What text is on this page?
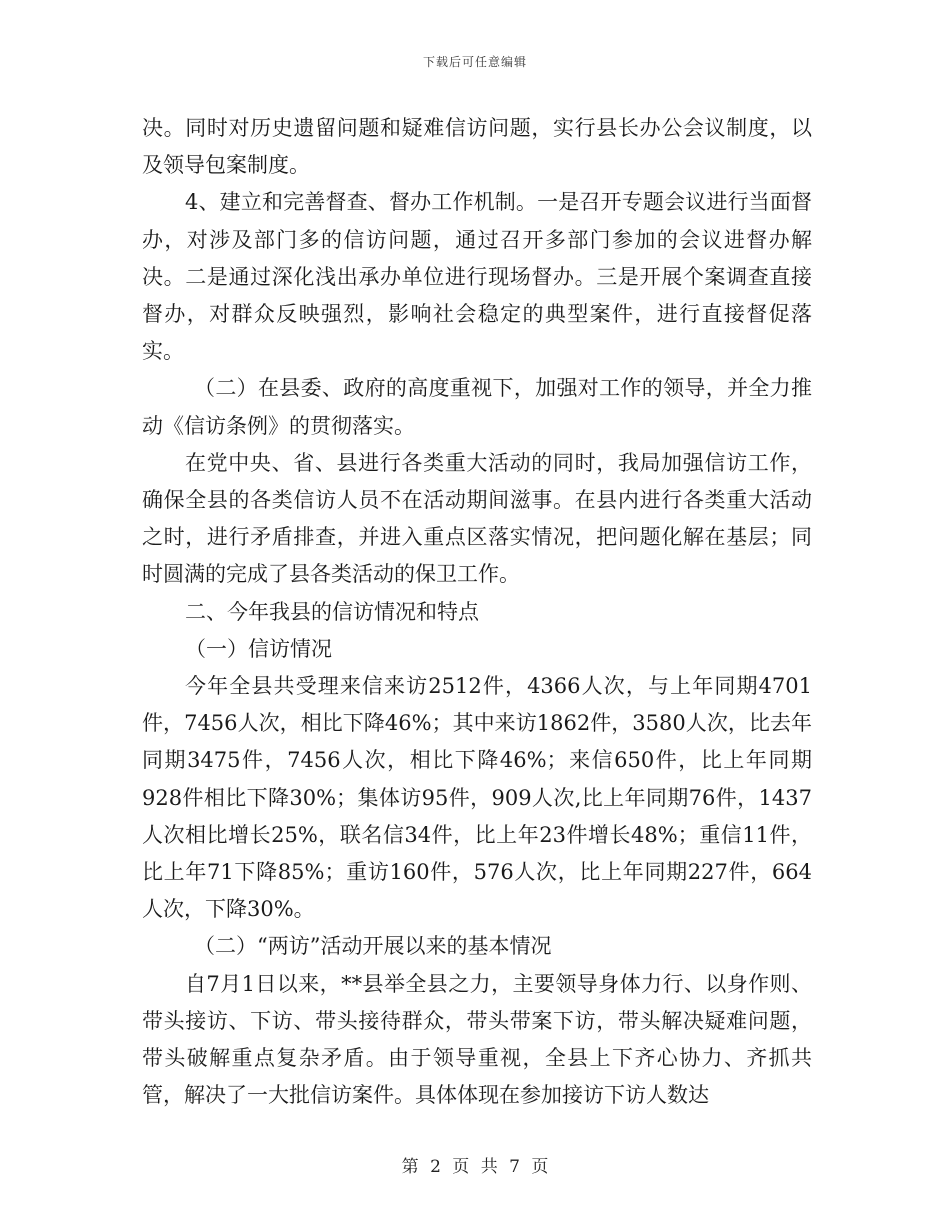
下载后可任意编辑

决。同时对历史遗留问题和疑难信访问题，实行县长办公会议制度，以及领导包案制度。

4、建立和完善督查、督办工作机制。一是召开专题会议进行当面督办，对涉及部门多的信访问题，通过召开多部门参加的会议进督办解决。二是通过深化浅出承办单位进行现场督办。三是开展个案调查直接督办，对群众反映强烈，影响社会稳定的典型案件，进行直接督促落实。

（二）在县委、政府的高度重视下，加强对工作的领导，并全力推动《信访条例》的贯彻落实。

在党中央、省、县进行各类重大活动的同时，我局加强信访工作，确保全县的各类信访人员不在活动期间滋事。在县内进行各类重大活动之时，进行矛盾排查，并进入重点区落实情况，把问题化解在基层；同时圆满的完成了县各类活动的保卫工作。

二、今年我县的信访情况和特点

（一）信访情况

今年全县共受理来信来访2512件，4366人次，与上年同期4701件，7456人次，相比下降46%；其中来访1862件，3580人次，比去年同期3475件，7456人次，相比下降46%；来信650件，比上年同期928件相比下降30%；集体访95件，909人次,比上年同期76件，1437人次相比增长25%，联名信34件，比上年23件增长48%；重信11件，比上年71下降85%；重访160件，576人次，比上年同期227件，664人次，下降30%。

（二）“两访”活动开展以来的基本情况

自7月1日以来，**县举全县之力，主要领导身体力行、以身作则、带头接访、下访、带头接待群众，带头带案下访，带头解决疑难问题，带头破解重点复杂矛盾。由于领导重视，全县上下齐心协力、齐抓共管，解决了一大批信访案件。具体体现在参加接访下访人数达

第 2 页 共 7 页
